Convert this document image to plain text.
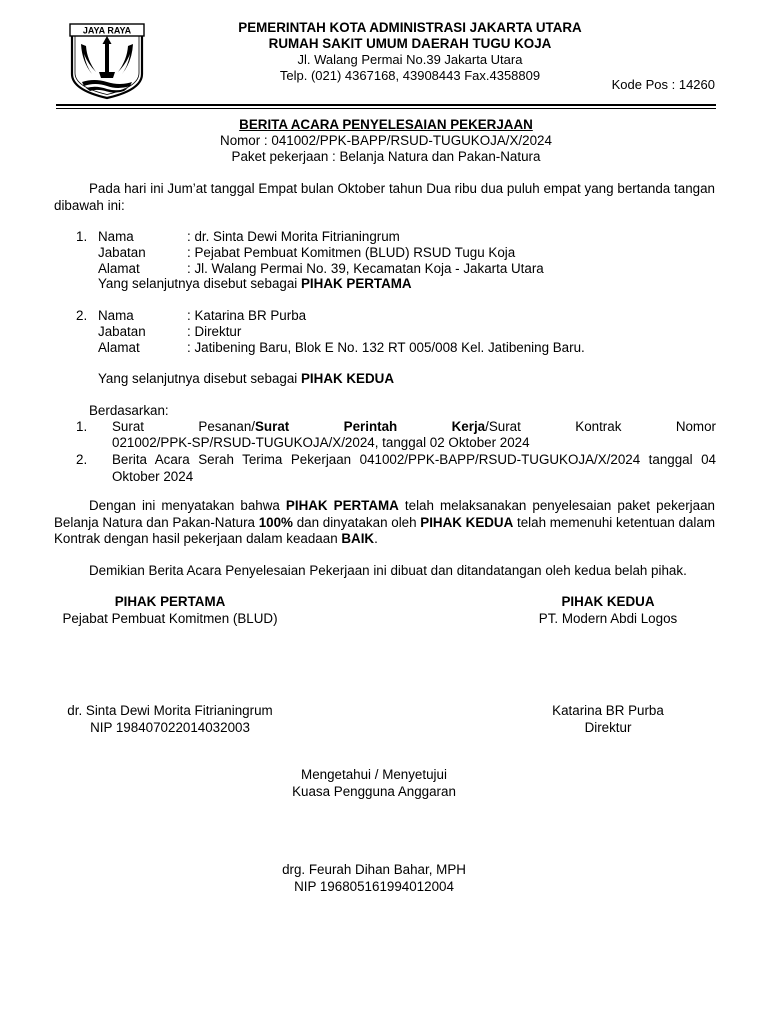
JAYA RAYA	PEMERINTAH KOTA ADMINISTRASI JAKARTA UTARA
RUMAH SAKIT UMUM DAERAH TUGU KOJA
Jl. Walang Permai No.39 Jakarta Utara
Telp. (021) 4367168, 43908443 Fax.4358809
Kode Pos : 14260
BERITA ACARA PENYELESAIAN PEKERJAAN
Nomor : 041002/PPK-BAPP/RSUD-TUGUKOJA/X/2024
Paket pekerjaan : Belanja Natura dan Pakan-Natura
Pada hari ini Jum’at tanggal Empat bulan Oktober tahun Dua ribu dua puluh empat yang bertanda tangan dibawah ini:
1. Nama	: dr. Sinta Dewi Morita Fitrianingrum
Jabatan	: Pejabat Pembuat Komitmen (BLUD) RSUD Tugu Koja
Alamat	: Jl. Walang Permai No. 39, Kecamatan Koja - Jakarta Utara
Yang selanjutnya disebut sebagai PIHAK PERTAMA
2. Nama	: Katarina BR Purba
Jabatan	: Direktur
Alamat	: Jatibening Baru, Blok E No. 132 RT 005/008 Kel. Jatibening Baru.
Yang selanjutnya disebut sebagai PIHAK KEDUA
Berdasarkan:
1. Surat Pesanan/Surat Perintah Kerja/Surat Kontrak Nomor
021002/PPK-SP/RSUD-TUGUKOJA/X/2024, tanggal 02 Oktober 2024
2. Berita Acara Serah Terima Pekerjaan 041002/PPK-BAPP/RSUD-TUGUKOJA/X/2024 tanggal 04 Oktober 2024
Dengan ini menyatakan bahwa PIHAK PERTAMA telah melaksanakan penyelesaian paket pekerjaan Belanja Natura dan Pakan-Natura 100% dan dinyatakan oleh PIHAK KEDUA telah memenuhi ketentuan dalam Kontrak dengan hasil pekerjaan dalam keadaan BAIK.
Demikian Berita Acara Penyelesaian Pekerjaan ini dibuat dan ditandatangan oleh kedua belah pihak.
PIHAK PERTAMA
Pejabat Pembuat Komitmen (BLUD)
dr. Sinta Dewi Morita Fitrianingrum
NIP 198407022014032003
PIHAK KEDUA
PT. Modern Abdi Logos
Katarina BR Purba
Direktur
Mengetahui / Menyetujui
Kuasa Pengguna Anggaran
drg. Feurah Dihan Bahar, MPH
NIP 196805161994012004
